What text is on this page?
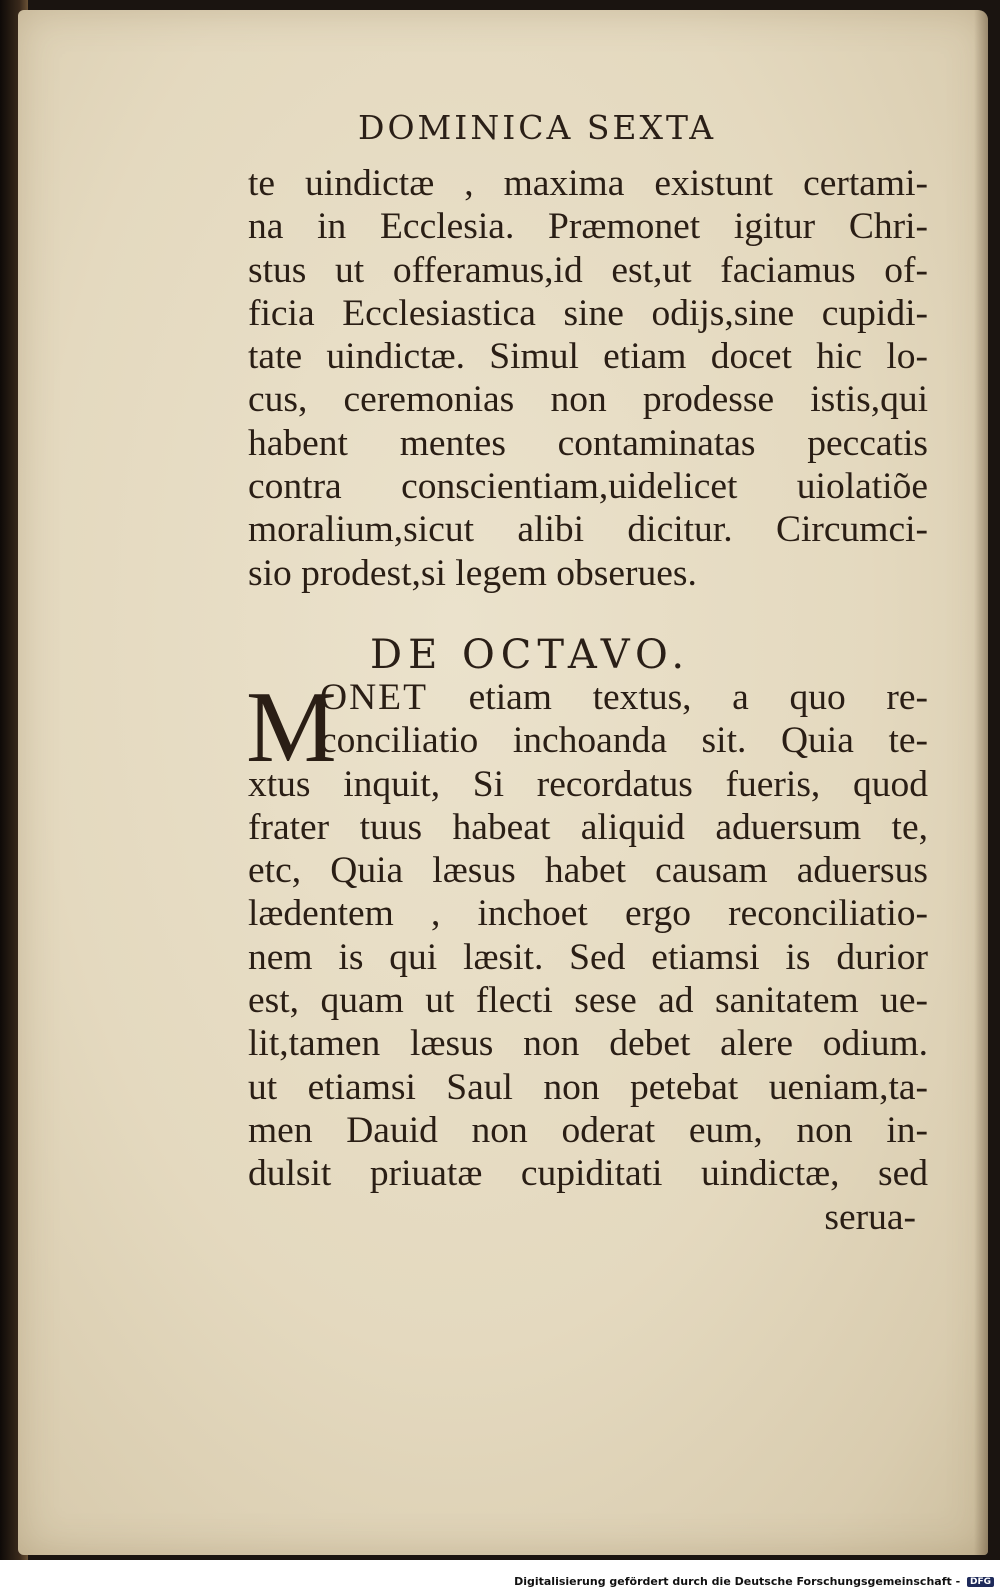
DOMINICA SEXTA
te uindictæ , maxima existunt certami-
na in Ecclesia. Præmonet igitur Chri-
stus ut offeramus,id est,ut faciamus of-
ficia Ecclesiastica sine odijs,sine cupidi-
tate uindictæ. Simul etiam docet hic lo-
cus, ceremonias non prodesse istis,qui
habent mentes contaminatas peccatis
contra conscientiam,uidelicet uiolatiõe
moralium,sicut alibi dicitur. Circumci-
sio prodest,si legem obserues.
DE OCTAVO.
M
ONET etiam textus, a quo re-
conciliatio inchoanda sit. Quia te-
xtus inquit, Si recordatus fueris, quod
frater tuus habeat aliquid aduersum te,
etc, Quia læsus habet causam aduersus
lædentem , inchoet ergo reconciliatio-
nem is qui læsit. Sed etiamsi is durior
est, quam ut flecti sese ad sanitatem ue-
lit,tamen læsus non debet alere odium.
ut etiamsi Saul non petebat ueniam,ta-
men Dauid non oderat eum, non in-
dulsit priuatæ cupiditati uindictæ, sed
serua-
Digitalisierung gefördert durch die Deutsche Forschungsgemeinschaft - DFG
